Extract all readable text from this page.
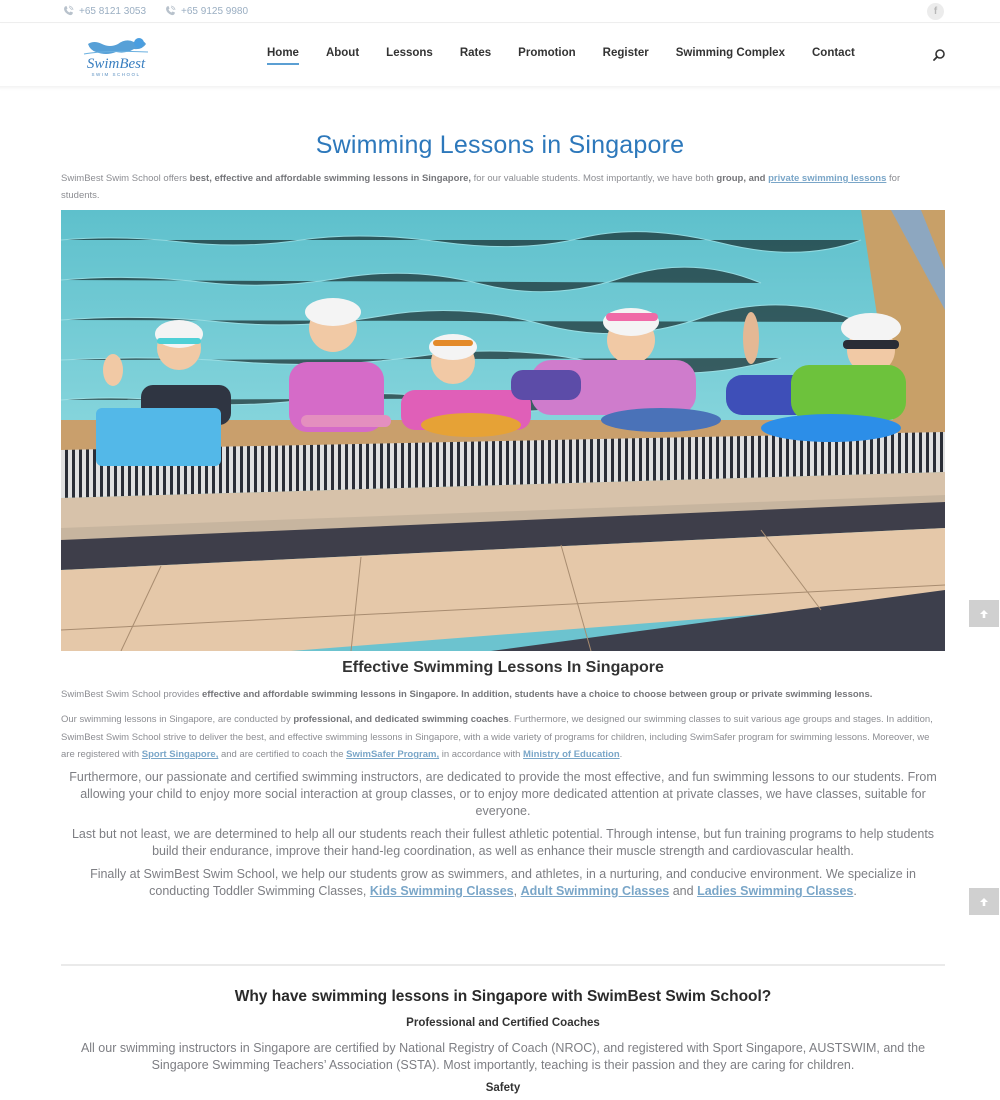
+65 8121 3053	+65 9125 9980	f
SwimBest
SWIM SCHOOL
Home About Lessons Rates Promotion Register Swimming Complex Contact
Swimming Lessons in Singapore

SwimBest Swim School offers best, effective and affordable swimming lessons in Singapore, for our valuable students. Most importantly, we have both group, and private swimming lessons for students.

Effective Swimming Lessons In Singapore

SwimBest Swim School provides effective and affordable swimming lessons in Singapore. In addition, students have a choice to choose between group or private swimming lessons.

Our swimming lessons in Singapore, are conducted by professional, and dedicated swimming coaches. Furthermore, we designed our swimming classes to suit various age groups and stages. In addition, SwimBest Swim School strive to deliver the best, and effective swimming lessons in Singapore, with a wide variety of programs for children, including SwimSafer program for swimming lessons. Moreover, we are registered with Sport Singapore, and are certified to coach the SwimSafer Program, in accordance with Ministry of Education.

Furthermore, our passionate and certified swimming instructors, are dedicated to provide the most effective, and fun swimming lessons to our students. From allowing your child to enjoy more social interaction at group classes, or to enjoy more dedicated attention at private classes, we have classes, suitable for everyone.

Last but not least, we are determined to help all our students reach their fullest athletic potential. Through intense, but fun training programs to help students build their endurance, improve their hand-leg coordination, as well as enhance their muscle strength and cardiovascular health.

Finally at SwimBest Swim School, we help our students grow as swimmers, and athletes, in a nurturing, and conducive environment. We specialize in conducting Toddler Swimming Classes, Kids Swimming Classes, Adult Swimming Classes and Ladies Swimming Classes.

Why have swimming lessons in Singapore with SwimBest Swim School?
Professional and Certified Coaches

All our swimming instructors in Singapore are certified by National Registry of Coach (NROC), and registered with Sport Singapore, AUSTSWIM, and the Singapore Swimming Teachers’ Association (SSTA). Most importantly, teaching is their passion and they are caring for children.

Safety
